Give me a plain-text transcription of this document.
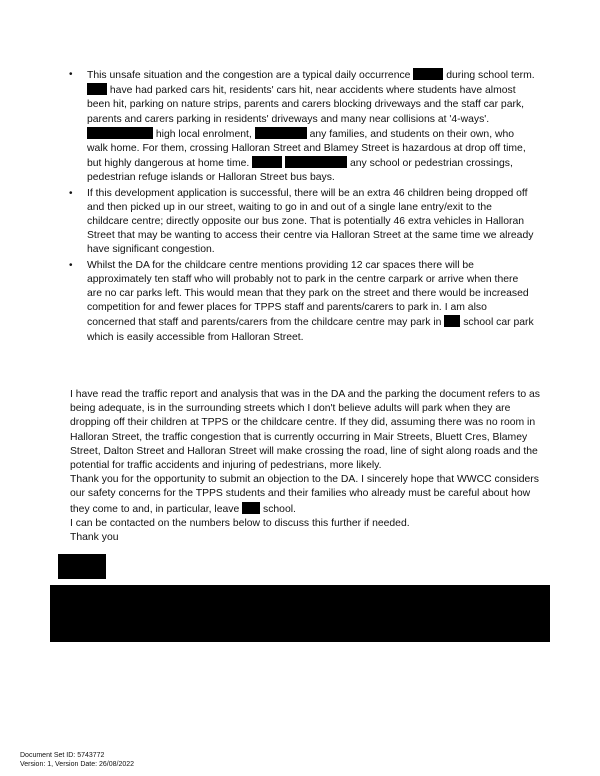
• This unsafe situation and the congestion are a typical daily occurrence	during school term.  have had parked cars hit, residents' cars hit, near accidents where students have almost been hit, parking on nature strips, parents and carers blocking driveways and the staff car park, parents and carers parking in residents' driveways and many near collisions at '4-ways'.  high local enrolment,	any families, and students on their own, who walk home. For them, crossing Halloran Street and Blamey Street is hazardous at drop off time, but highly dangerous at home time.	any school or pedestrian crossings, pedestrian refuge islands or Halloran Street bus bays.
• If this development application is successful, there will be an extra 46 children being dropped off and then picked up in our street, waiting to go in and out of a single lane entry/exit to the childcare centre; directly opposite our bus zone. That is potentially 46 extra vehicles in Halloran Street that may be wanting to access their centre via Halloran Street at the same time we already have significant congestion.
• Whilst the DA for the childcare centre mentions providing 12 car spaces there will be approximately ten staff who will probably not to park in the centre carpark or arrive when there are no car parks left. This would mean that they park on the street and there would be increased competition for and fewer places for TPPS staff and parents/carers to park in. I am also concerned that staff and parents/carers from the childcare centre may park in school car park which is easily accessible from Halloran Street.

I have read the traffic report and analysis that was in the DA and the parking the document refers to as being adequate, is in the surrounding streets which I don't believe adults will park when they are dropping off their children at TPPS or the childcare centre. If they did, assuming there was no room in Halloran Street, the traffic congestion that is currently occurring in Mair Streets, Bluett Cres, Blamey Street, Dalton Street and Halloran Street will make crossing the road, line of sight along roads and the potential for traffic accidents and injuring of pedestrians, more likely.

Thank you for the opportunity to submit an objection to the DA. I sincerely hope that WWCC considers our safety concerns for the TPPS students and their families who already must be careful about how they come to and, in particular, leave school.

I can be contacted on the numbers below to discuss this further if needed.

Thank you

Document Set ID: 5743772
Version: 1, Version Date: 26/08/2022
